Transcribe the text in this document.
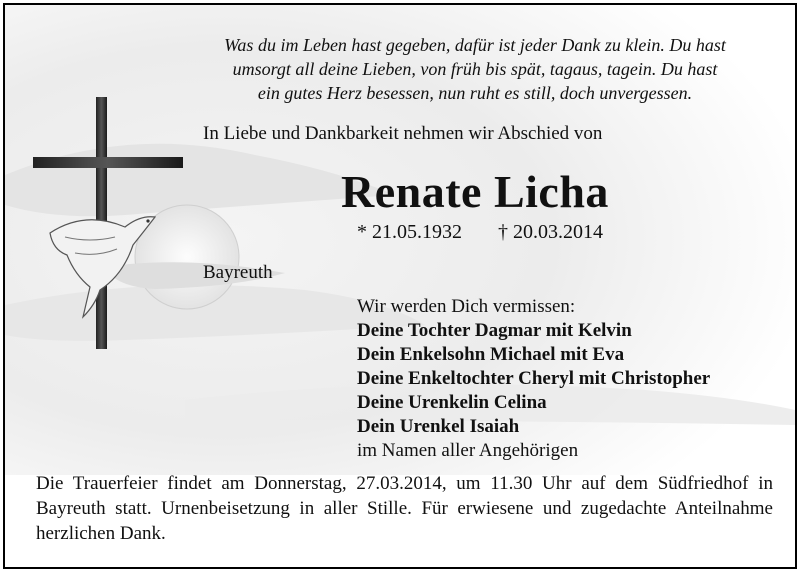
Was du im Leben hast gegeben, dafür ist jeder Dank zu klein. Du hast
umsorgt all deine Lieben, von früh bis spät, tagaus, tagein. Du hast
ein gutes Herz besessen, nun ruht es still, doch unvergessen.
In Liebe und Dankbarkeit nehmen wir Abschied von
Renate Licha
* 21.05.1932 † 20.03.2014
Bayreuth
Wir werden Dich vermissen:
Deine Tochter Dagmar mit Kelvin
Dein Enkelsohn Michael mit Eva
Deine Enkeltochter Cheryl mit Christopher
Deine Urenkelin Celina
Dein Urenkel Isaiah
im Namen aller Angehörigen
Die Trauerfeier findet am Donnerstag, 27.03.2014, um 11.30 Uhr auf dem Südfriedhof in Bayreuth statt. Urnenbeisetzung in aller Stille. Für erwiesene und zugedachte Anteilnahme herzlichen Dank.
